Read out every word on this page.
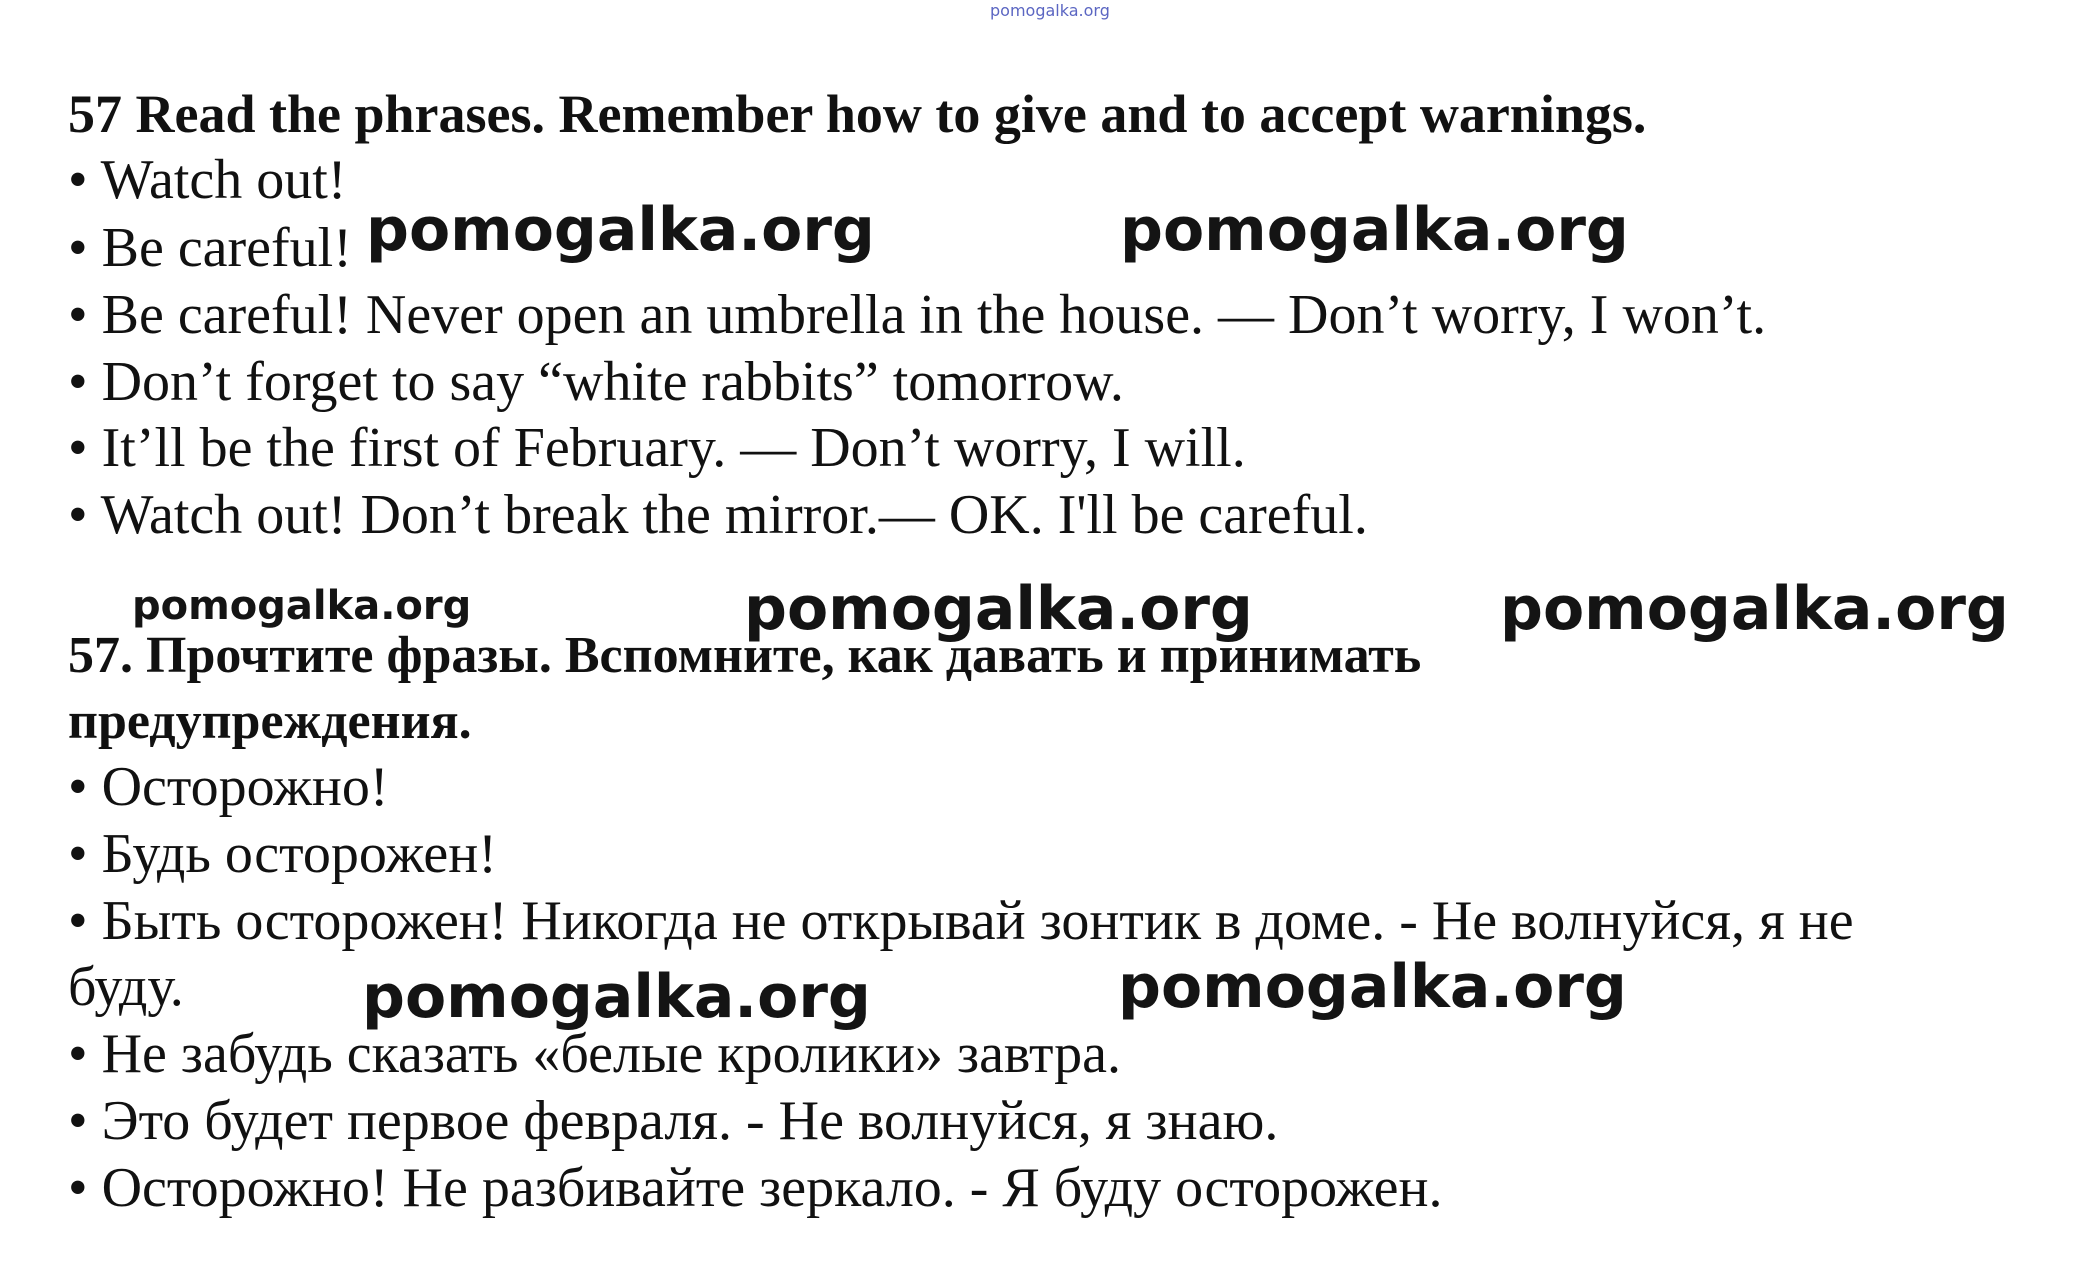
pomogalka.org
57 Read the phrases. Remember how to give and to accept warnings.
• Watch out!
• Be careful!
• Be careful! Never open an umbrella in the house. — Don’t worry, I won’t.
• Don’t forget to say “white rabbits” tomorrow.
• It’ll be the first of February. — Don’t worry, I will.
• Watch out! Don’t break the mirror.— OK. I'll be careful.
57. Прочтите фразы. Вспомните, как давать и принимать
предупреждения.
• Осторожно!
• Будь осторожен!
• Быть осторожен! Никогда не открывай зонтик в доме. - Не волнуйся, я не
буду.
• Не забудь сказать «белые кролики» завтра.
• Это будет первое февраля. - Не волнуйся, я знаю.
• Осторожно! Не разбивайте зеркало. - Я буду осторожен.
pomogalka.org	pomogalka.org
pomogalka.org	pomogalka.org	pomogalka.org
pomogalka.org	pomogalka.org
